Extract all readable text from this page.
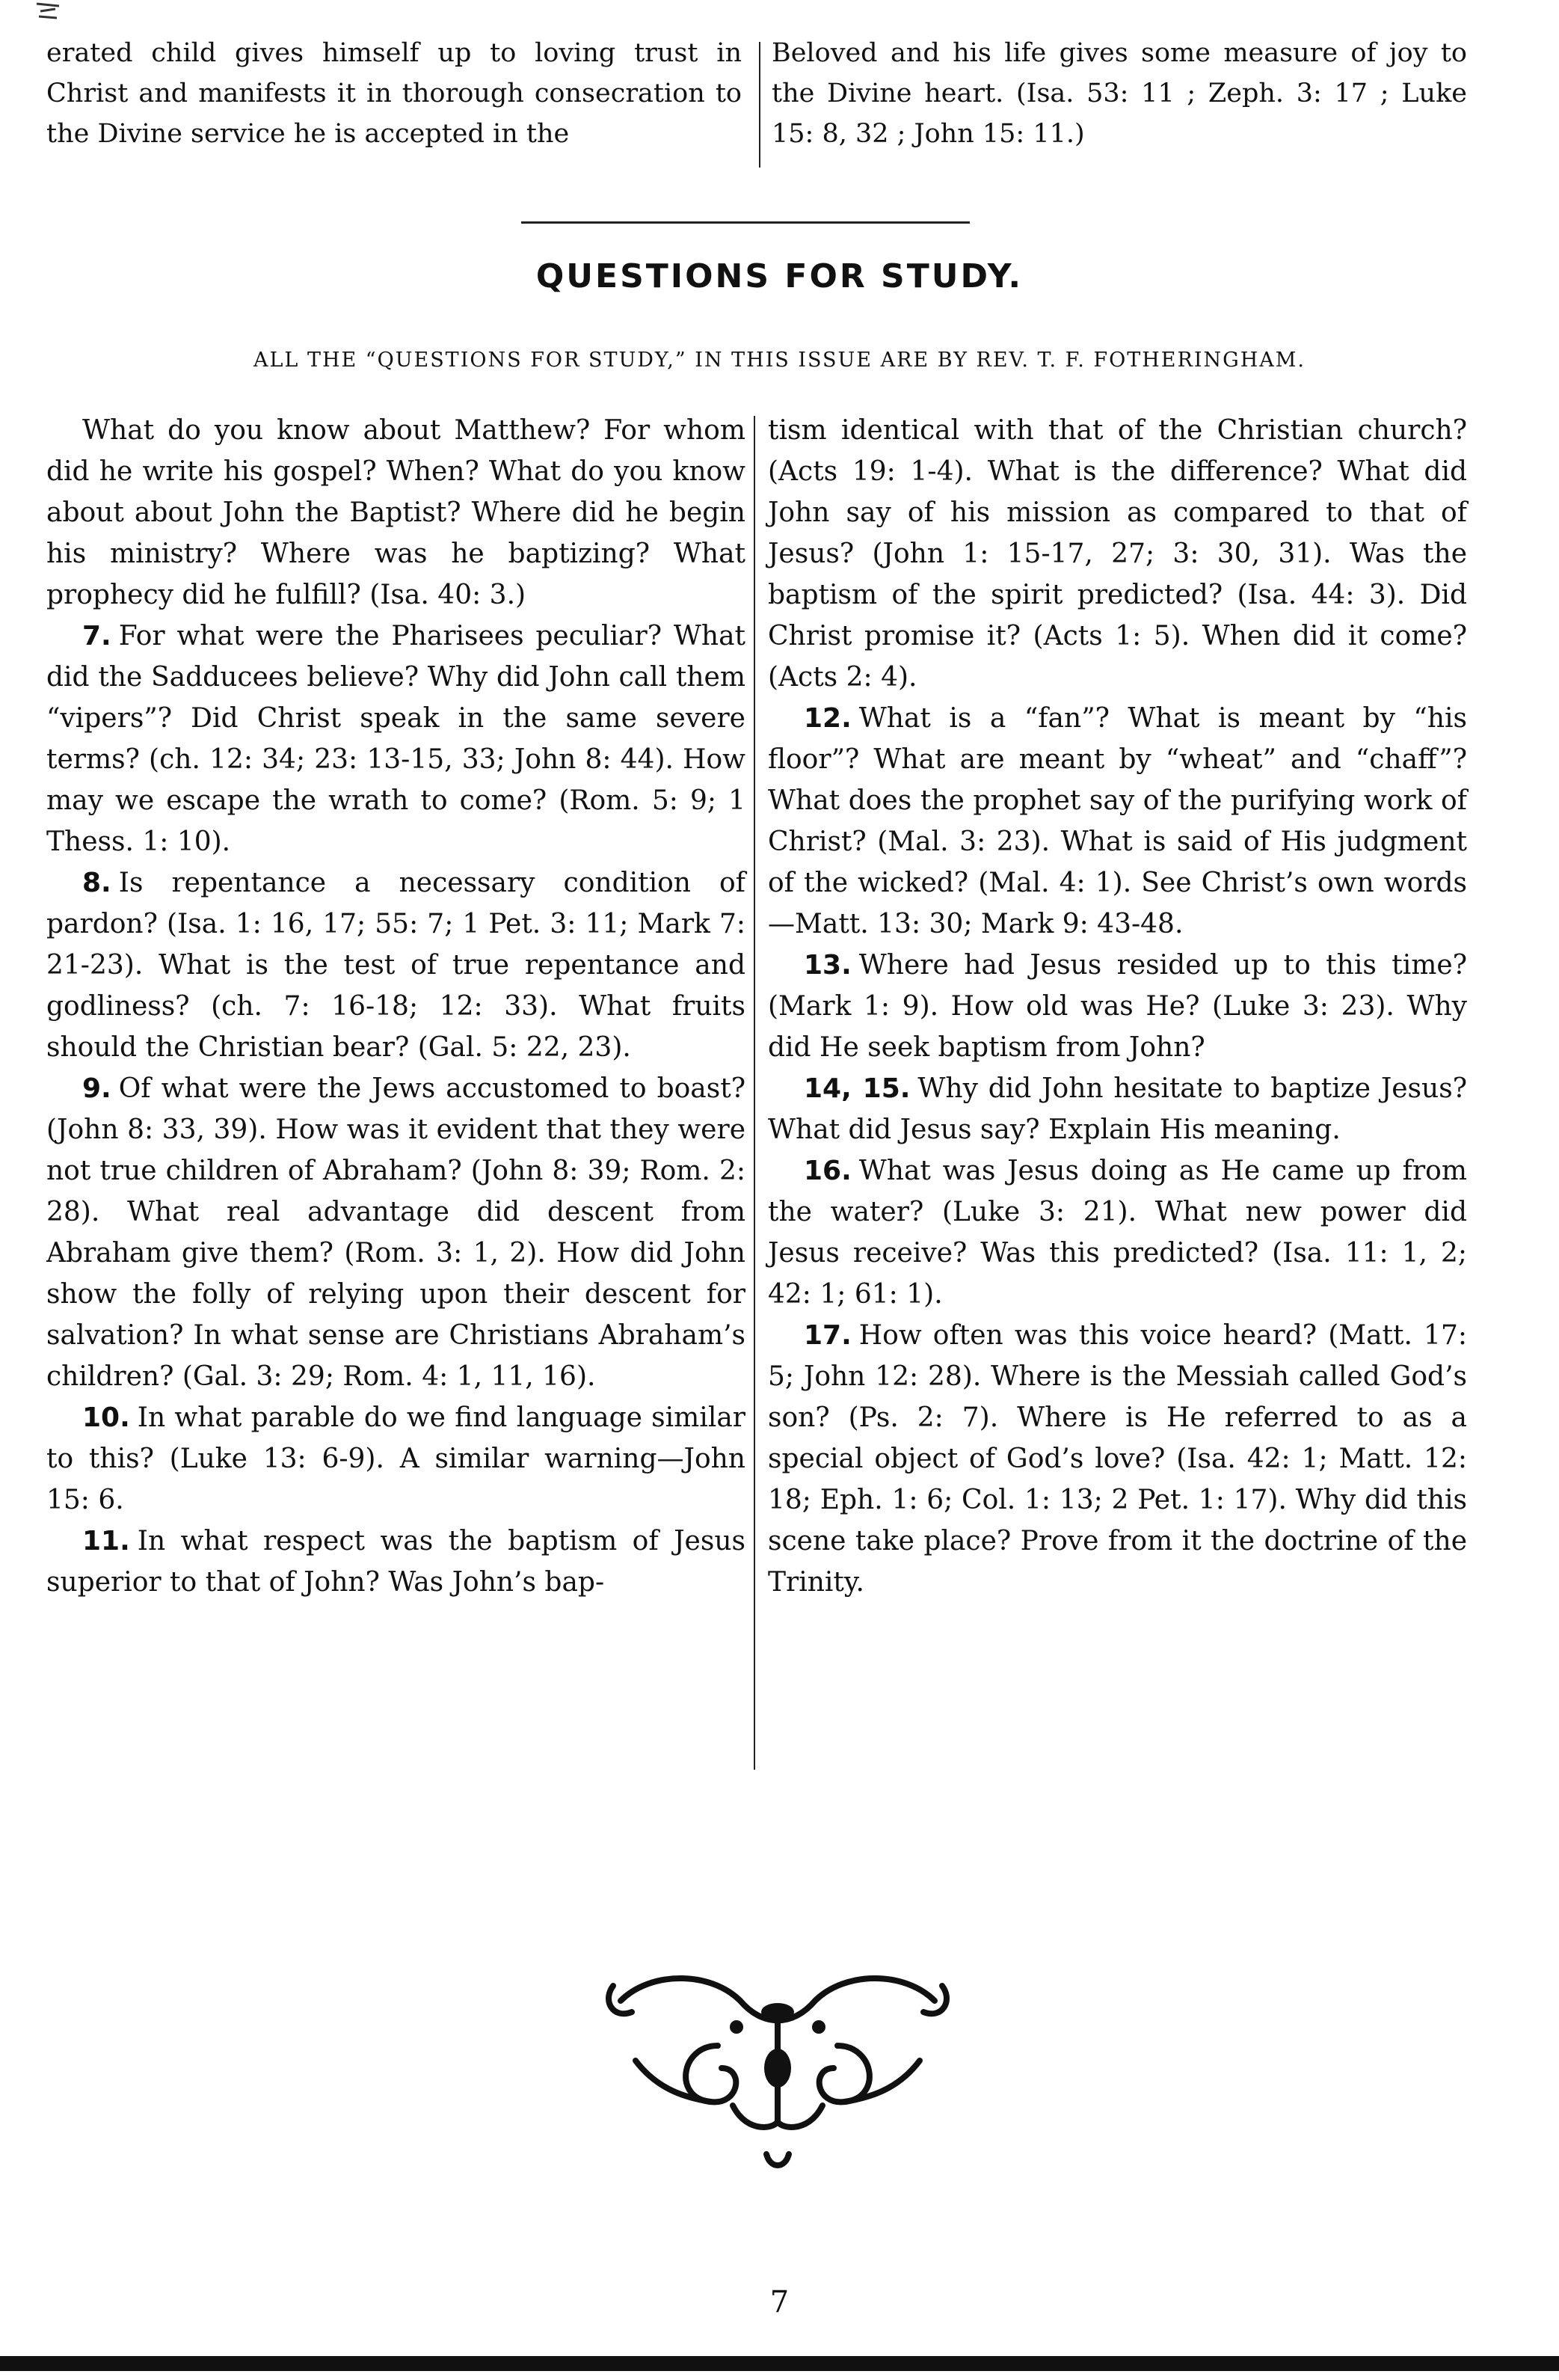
erated child gives himself up to loving trust in Christ and manifests it in thorough consecration to the Divine service he is accepted in the

Beloved and his life gives some measure of joy to the Divine heart. (Isa. 53: 11 ; Zeph. 3: 17 ; Luke 15: 8, 32 ; John 15: 11.)

QUESTIONS FOR STUDY.
ALL THE “QUESTIONS FOR STUDY,” IN THIS ISSUE ARE BY REV. T. F. FOTHERINGHAM.

What do you know about Matthew? For whom did he write his gospel? When? What do you know about about John the Baptist? Where did he begin his ministry? Where was he baptizing? What prophecy did he fulfill? (Isa. 40: 3.)

7. For what were the Pharisees peculiar? What did the Sadducees believe? Why did John call them “vipers”? Did Christ speak in the same severe terms? (ch. 12: 34; 23: 13-15, 33; John 8: 44). How may we escape the wrath to come? (Rom. 5: 9; 1 Thess. 1: 10).

8. Is repentance a necessary condition of pardon? (Isa. 1: 16, 17; 55: 7; 1 Pet. 3: 11; Mark 7: 21-23). What is the test of true repentance and godliness? (ch. 7: 16-18; 12: 33). What fruits should the Christian bear? (Gal. 5: 22, 23).

9. Of what were the Jews accustomed to boast? (John 8: 33, 39). How was it evident that they were not true children of Abraham? (John 8: 39; Rom. 2: 28). What real advantage did descent from Abraham give them? (Rom. 3: 1, 2). How did John show the folly of relying upon their descent for salvation? In what sense are Christians Abraham’s children? (Gal. 3: 29; Rom. 4: 1, 11, 16).

10. In what parable do we find language similar to this? (Luke 13: 6-9). A similar warning—John 15: 6.

11. In what respect was the baptism of Jesus superior to that of John? Was John’s bap-

tism identical with that of the Christian church? (Acts 19: 1-4). What is the difference? What did John say of his mission as compared to that of Jesus? (John 1: 15-17, 27; 3: 30, 31). Was the baptism of the spirit predicted? (Isa. 44: 3). Did Christ promise it? (Acts 1: 5). When did it come? (Acts 2: 4).

12. What is a “fan”? What is meant by “his floor”? What are meant by “wheat” and “chaff”? What does the prophet say of the purifying work of Christ? (Mal. 3: 23). What is said of His judgment of the wicked? (Mal. 4: 1). See Christ’s own words—Matt. 13: 30; Mark 9: 43-48.

13. Where had Jesus resided up to this time? (Mark 1: 9). How old was He? (Luke 3: 23). Why did He seek baptism from John?

14, 15. Why did John hesitate to baptize Jesus? What did Jesus say? Explain His meaning.

16. What was Jesus doing as He came up from the water? (Luke 3: 21). What new power did Jesus receive? Was this predicted? (Isa. 11: 1, 2; 42: 1; 61: 1).

17. How often was this voice heard? (Matt. 17: 5; John 12: 28). Where is the Messiah called God’s son? (Ps. 2: 7). Where is He referred to as a special object of God’s love? (Isa. 42: 1; Matt. 12: 18; Eph. 1: 6; Col. 1: 13; 2 Pet. 1: 17). Why did this scene take place? Prove from it the doctrine of the Trinity.

7
